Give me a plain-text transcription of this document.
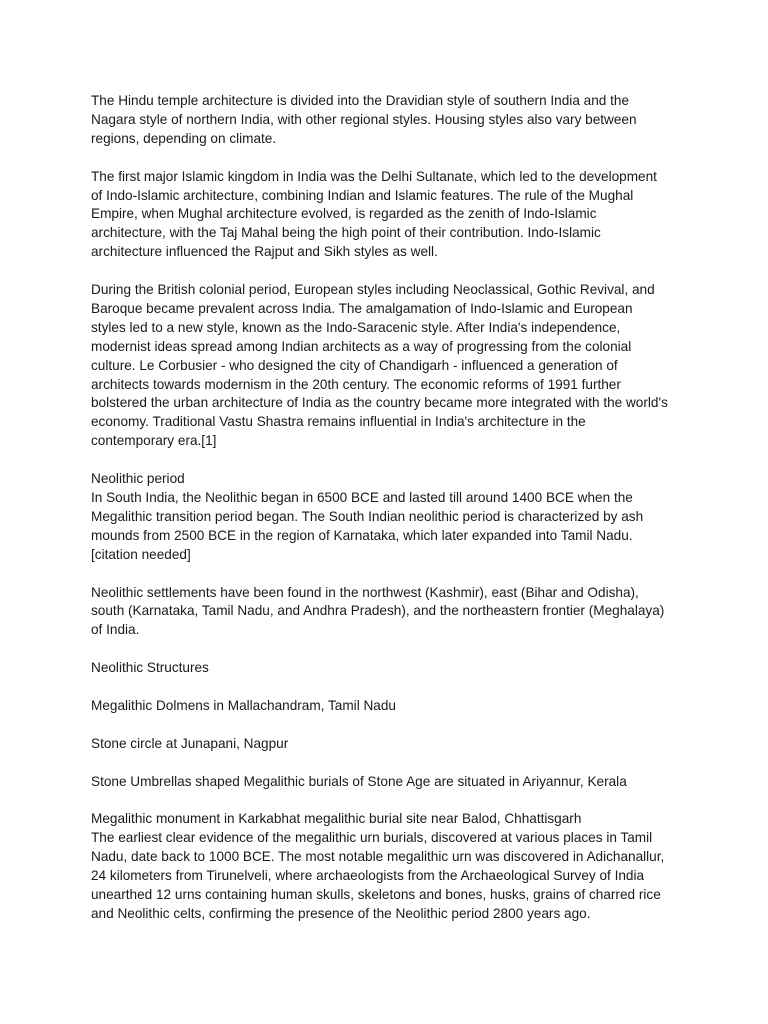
The Hindu temple architecture is divided into the Dravidian style of southern India and the
Nagara style of northern India, with other regional styles. Housing styles also vary between
regions, depending on climate.

The first major Islamic kingdom in India was the Delhi Sultanate, which led to the development
of Indo-Islamic architecture, combining Indian and Islamic features. The rule of the Mughal
Empire, when Mughal architecture evolved, is regarded as the zenith of Indo-Islamic
architecture, with the Taj Mahal being the high point of their contribution. Indo-Islamic
architecture influenced the Rajput and Sikh styles as well.

During the British colonial period, European styles including Neoclassical, Gothic Revival, and
Baroque became prevalent across India. The amalgamation of Indo-Islamic and European
styles led to a new style, known as the Indo-Saracenic style. After India's independence,
modernist ideas spread among Indian architects as a way of progressing from the colonial
culture. Le Corbusier - who designed the city of Chandigarh - influenced a generation of
architects towards modernism in the 20th century. The economic reforms of 1991 further
bolstered the urban architecture of India as the country became more integrated with the world's
economy. Traditional Vastu Shastra remains influential in India's architecture in the
contemporary era.[1]

Neolithic period

In South India, the Neolithic began in 6500 BCE and lasted till around 1400 BCE when the
Megalithic transition period began. The South Indian neolithic period is characterized by ash
mounds from 2500 BCE in the region of Karnataka, which later expanded into Tamil Nadu.
[citation needed]

Neolithic settlements have been found in the northwest (Kashmir), east (Bihar and Odisha),
south (Karnataka, Tamil Nadu, and Andhra Pradesh), and the northeastern frontier (Meghalaya)
of India.

Neolithic Structures

Megalithic Dolmens in Mallachandram, Tamil Nadu

Stone circle at Junapani, Nagpur

Stone Umbrellas shaped Megalithic burials of Stone Age are situated in Ariyannur, Kerala

Megalithic monument in Karkabhat megalithic burial site near Balod, Chhattisgarh

The earliest clear evidence of the megalithic urn burials, discovered at various places in Tamil
Nadu, date back to 1000 BCE. The most notable megalithic urn was discovered in Adichanallur,
24 kilometers from Tirunelveli, where archaeologists from the Archaeological Survey of India
unearthed 12 urns containing human skulls, skeletons and bones, husks, grains of charred rice
and Neolithic celts, confirming the presence of the Neolithic period 2800 years ago.
